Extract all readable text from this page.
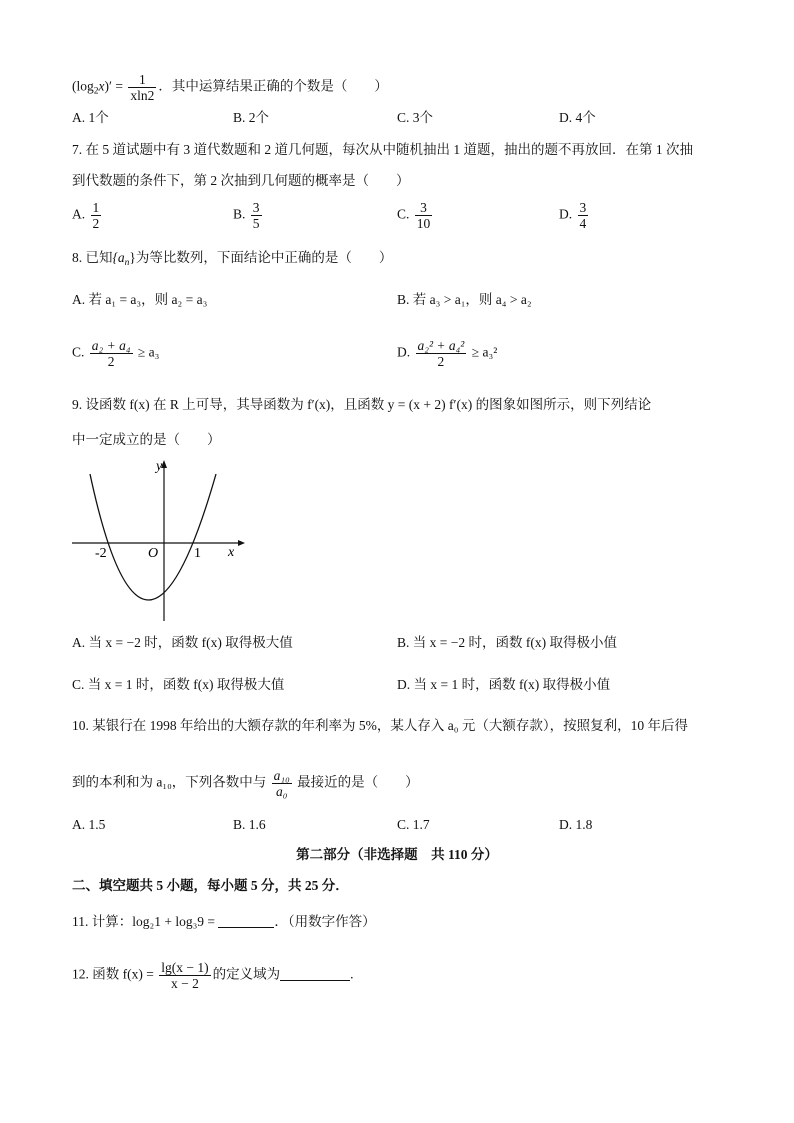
$(\log_2x)' = \frac{1}{xln2}$ ．其中运算结果正确的个数是（　　）
A. 1个	B. 2个	C. 3个	D. 4个
7. 在 5 道试题中有 3 道代数题和 2 道几何题，每次从中随机抽出 1 道题，抽出的题不再放回．在第 1 次抽
到代数题的条件下，第 2 次抽到几何题的概率是（　　）
A. $\frac{1}{2}$	B. $\frac{3}{5}$	C. $\frac{3}{10}$	D. $\frac{3}{4}$
8. 已知$\{a_n\}$为等比数列，下面结论中正确的是（　　）
A. 若 a₁ = a₃，则 a₂ = a₃	B. 若 a₃ > a₁，则 a₄ > a₂
C. $\frac{\text{a₂ + a₄}}{2} \ge a_3$	D. $\frac{\text{a₂² + a₄²}}{2} \ge a_3^2$
9. 设函数 f(x) 在 R 上可导，其导函数为 f′(x)，且函数 y = (x + 2) f′(x) 的图象如图所示，则下列结论
中一定成立的是（　　）
y
x
O
-2	1
A. 当 x = −2 时，函数 f(x) 取得极大值	B. 当 x = −2 时，函数 f(x) 取得极小值
C. 当 x = 1 时，函数 f(x) 取得极大值	D. 当 x = 1 时，函数 f(x) 取得极小值
10. 某银行在 1998 年给出的大额存款的年利率为 5%，某人存入 a₀ 元（大额存款），按照复利，10 年后得
到的本利和为 a₁₀，下列各数中与 $\frac{\text{a₁₀}}{\text{a₀}}$ 最接近的是（　　）
A. 1.5	B. 1.6	C. 1.7	D. 1.8
第二部分（非选择题　共 110 分）
二、填空题共 5 小题，每小题 5 分，共 25 分．
11. 计算：log₂1 + log₃9 =	．（用数字作答）
12. 函数 $f(x) = \frac{\lg(x - 1)}{x - 2}$ 的定义域为	.
